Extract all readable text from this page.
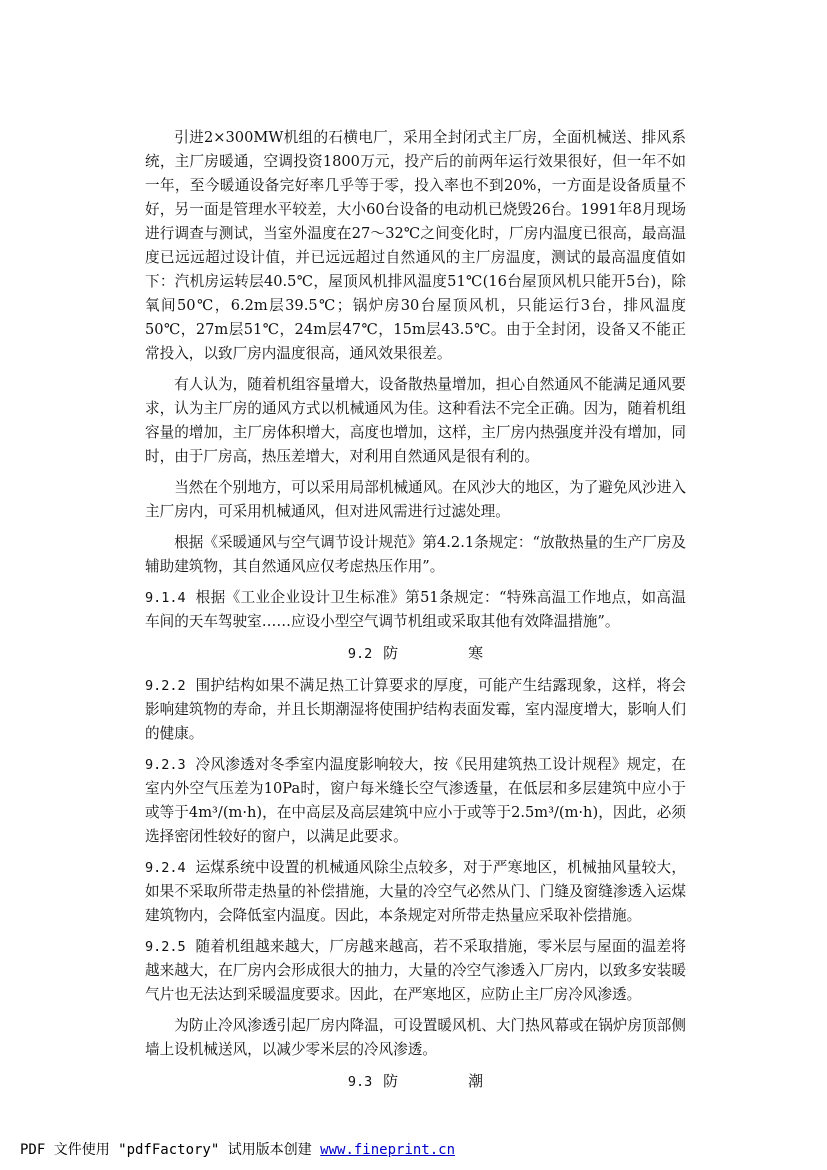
引进2×300MW机组的石横电厂，采用全封闭式主厂房，全面机械送、排风系统，主厂房暖通，空调投资1800万元，投产后的前两年运行效果很好，但一年不如一年，至今暖通设备完好率几乎等于零，投入率也不到20%，一方面是设备质量不好，另一面是管理水平较差，大小60台设备的电动机已烧毁26台。1991年8月现场进行调查与测试，当室外温度在27～32℃之间变化时，厂房内温度已很高，最高温度已远远超过设计值，并已远远超过自然通风的主厂房温度，测试的最高温度值如下：汽机房运转层40.5℃，屋顶风机排风温度51℃(16台屋顶风机只能开5台)，除氧间50℃，6.2m层39.5℃；锅炉房30台屋顶风机，只能运行3台，排风温度50℃，27m层51℃，24m层47℃，15m层43.5℃。由于全封闭，设备又不能正常投入，以致厂房内温度很高，通风效果很差。

有人认为，随着机组容量增大，设备散热量增加，担心自然通风不能满足通风要求，认为主厂房的通风方式以机械通风为佳。这种看法不完全正确。因为，随着机组容量的增加，主厂房体积增大，高度也增加，这样，主厂房内热强度并没有增加，同时，由于厂房高，热压差增大，对利用自然通风是很有利的。

当然在个别地方，可以采用局部机械通风。在风沙大的地区，为了避免风沙进入主厂房内，可采用机械通风，但对进风需进行过滤处理。

根据《采暖通风与空气调节设计规范》第4.2.1条规定：“放散热量的生产厂房及辅助建筑物，其自然通风应仅考虑热压作用”。

9.1.4 根据《工业企业设计卫生标准》第51条规定：“特殊高温工作地点，如高温车间的天车驾驶室……应设小型空气调节机组或采取其他有效降温措施”。

9.2 防	寒

9.2.2 围护结构如果不满足热工计算要求的厚度，可能产生结露现象，这样，将会影响建筑物的寿命，并且长期潮湿将使围护结构表面发霉，室内湿度增大，影响人们的健康。

9.2.3 冷风渗透对冬季室内温度影响较大，按《民用建筑热工设计规程》规定，在室内外空气压差为10Pa时，窗户每米缝长空气渗透量，在低层和多层建筑中应小于或等于4m³/(m·h)，在中高层及高层建筑中应小于或等于2.5m³/(m·h)，因此，必须选择密闭性较好的窗户，以满足此要求。

9.2.4 运煤系统中设置的机械通风除尘点较多，对于严寒地区，机械抽风量较大，如果不采取所带走热量的补偿措施，大量的冷空气必然从门、门缝及窗缝渗透入运煤建筑物内，会降低室内温度。因此，本条规定对所带走热量应采取补偿措施。

9.2.5 随着机组越来越大，厂房越来越高，若不采取措施，零米层与屋面的温差将越来越大，在厂房内会形成很大的抽力，大量的冷空气渗透入厂房内，以致多安装暖气片也无法达到采暖温度要求。因此，在严寒地区，应防止主厂房冷风渗透。

为防止冷风渗透引起厂房内降温，可设置暖风机、大门热风幕或在锅炉房顶部侧墙上设机械送风，以减少零米层的冷风渗透。

9.3 防	潮
PDF 文件使用 "pdfFactory" 试用版本创建 www.fineprint.cn
